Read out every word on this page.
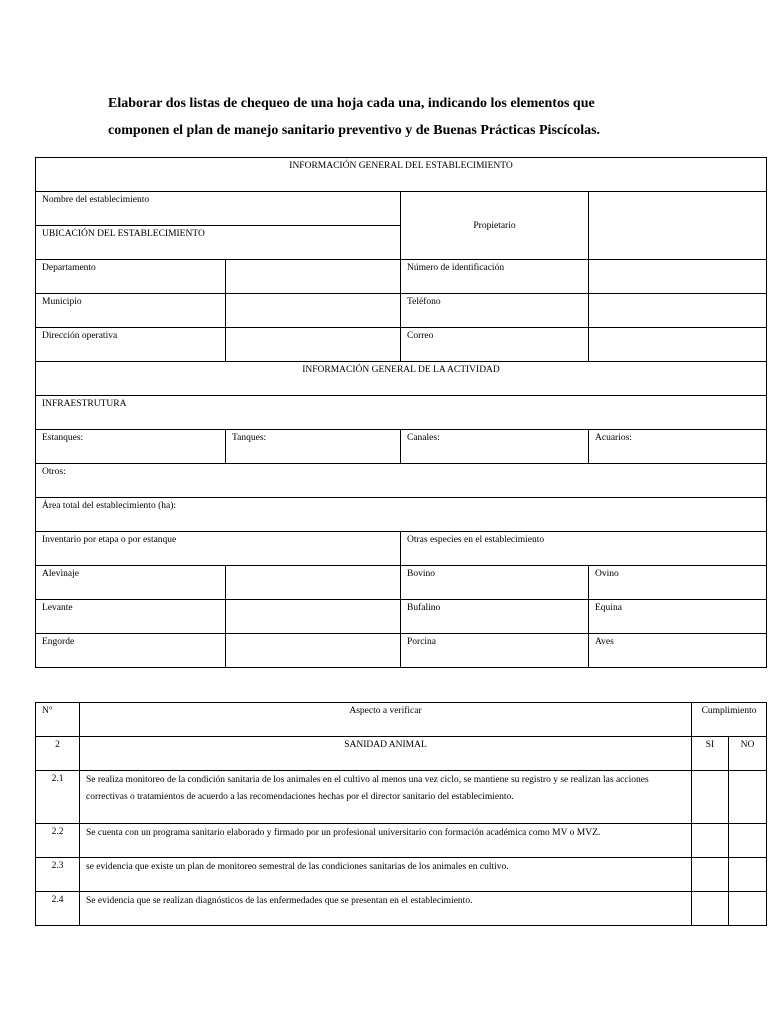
Elaborar dos listas de chequeo de una hoja cada una, indicando los elementos que
componen el plan de manejo sanitario preventivo y de Buenas Prácticas Piscícolas.
INFORMACIÓN GENERAL DEL ESTABLECIMIENTO			
Nombre del establecimiento		Propietario	
UBICACIÓN DEL ESTABLECIMIENTO			
Departamento		Número de identificación	
Municipio		Teléfono	
Dirección operativa		Correo	
INFORMACIÓN GENERAL DE LA ACTIVIDAD			
INFRAESTRUTURA			
Estanques:	Tanques:	Canales:	Acuarios:
Otros:			
Área total del establecimiento (ha):			
Inventario por etapa o por estanque		Otras especies en el establecimiento	
Alevinaje		Bovino	Ovino
Levante		Bufalino	Equina
Engorde		Porcina	Aves
N°	Aspecto a verificar	Cumplimiento	
2	SANIDAD ANIMAL	SI	NO
2.1	Se realiza monitoreo de la condición sanitaria de los animales en el cultivo al menos una vez ciclo, se mantiene su registro y se realizan las acciones correctivas o tratamientos de acuerdo a las recomendaciones hechas por el director sanitario del establecimiento.		
2.2	Se cuenta con un programa sanitario elaborado y firmado por un profesional universitario con formación académica como MV o MVZ.		
2.3	se evidencia que existe un plan de monitoreo semestral de las condiciones sanitarias de los animales en cultivo.		
2.4	Se evidencia que se realizan diagnósticos de las enfermedades que se presentan en el establecimiento.		
